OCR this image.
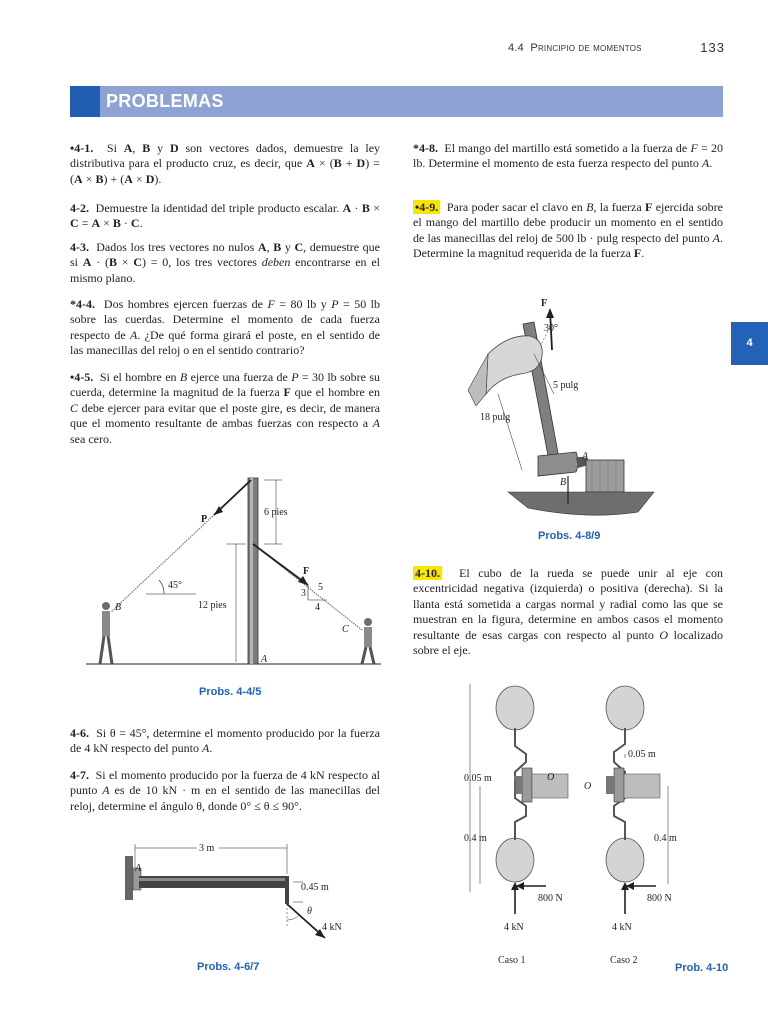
4.4 Principio de momentos	133
PROBLEMAS
4
•4-1.  Si A, B y D son vectores dados, demuestre la ley distributiva para el producto cruz, es decir, que A × (B + D) = (A × B) + (A × D).
4-2.  Demuestre la identidad del triple producto escalar. A · B × C = A × B · C.
4-3.  Dados los tres vectores no nulos A, B y C, demuestre que si A · (B × C) = 0, los tres vectores deben encontrarse en el mismo plano.
*4-4.  Dos hombres ejercen fuerzas de F = 80 lb y P = 50 lb sobre las cuerdas. Determine el momento de cada fuerza respecto de A. ¿De qué forma girará el poste, en el sentido de las manecillas del reloj o en el sentido contrario?
•4-5.  Si el hombre en B ejerce una fuerza de P = 30 lb sobre su cuerda, determine la magnitud de la fuerza F que el hombre en C debe ejercer para evitar que el poste gire, es decir, de manera que el momento resultante de ambas fuerzas con respecto a A sea cero.
P
45°
F
3
4
5
6 pies
12 pies
A
B
C
Probs. 4-4/5
4-6.  Si θ = 45°, determine el momento producido por la fuerza de 4 kN respecto del punto A.
4-7.  Si el momento producido por la fuerza de 4 kN respecto al punto A es de 10 kN · m en el sentido de las manecillas del reloj, determine el ángulo θ, donde 0° ≤ θ ≤ 90°.
A
3 m
0.45 m
θ
4 kN
Probs. 4-6/7
*4-8.  El mango del martillo está sometido a la fuerza de F = 20 lb. Determine el momento de esta fuerza respecto del punto A.
•4-9.  Para poder sacar el clavo en B, la fuerza F ejercida sobre el mango del martillo debe producir un momento en el sentido de las manecillas del reloj de 500 lb · pulg respecto del punto A. Determine la magnitud requerida de la fuerza F.
F
30°
A
B
5 pulg
18 pulg
Probs. 4-8/9
4-10.  El cubo de la rueda se puede unir al eje con excentricidad negativa (izquierda) o positiva (derecha). Si la llanta está sometida a cargas normal y radial como las que se muestran en la figura, determine en ambos casos el momento resultante de esas cargas con respecto al punto O localizado sobre el eje.
0.05 m	O
0.4 m
800 N
4 kN
Caso 1
0.05 m
O
0.4 m
800 N
4 kN
Caso 2
Prob. 4-10
